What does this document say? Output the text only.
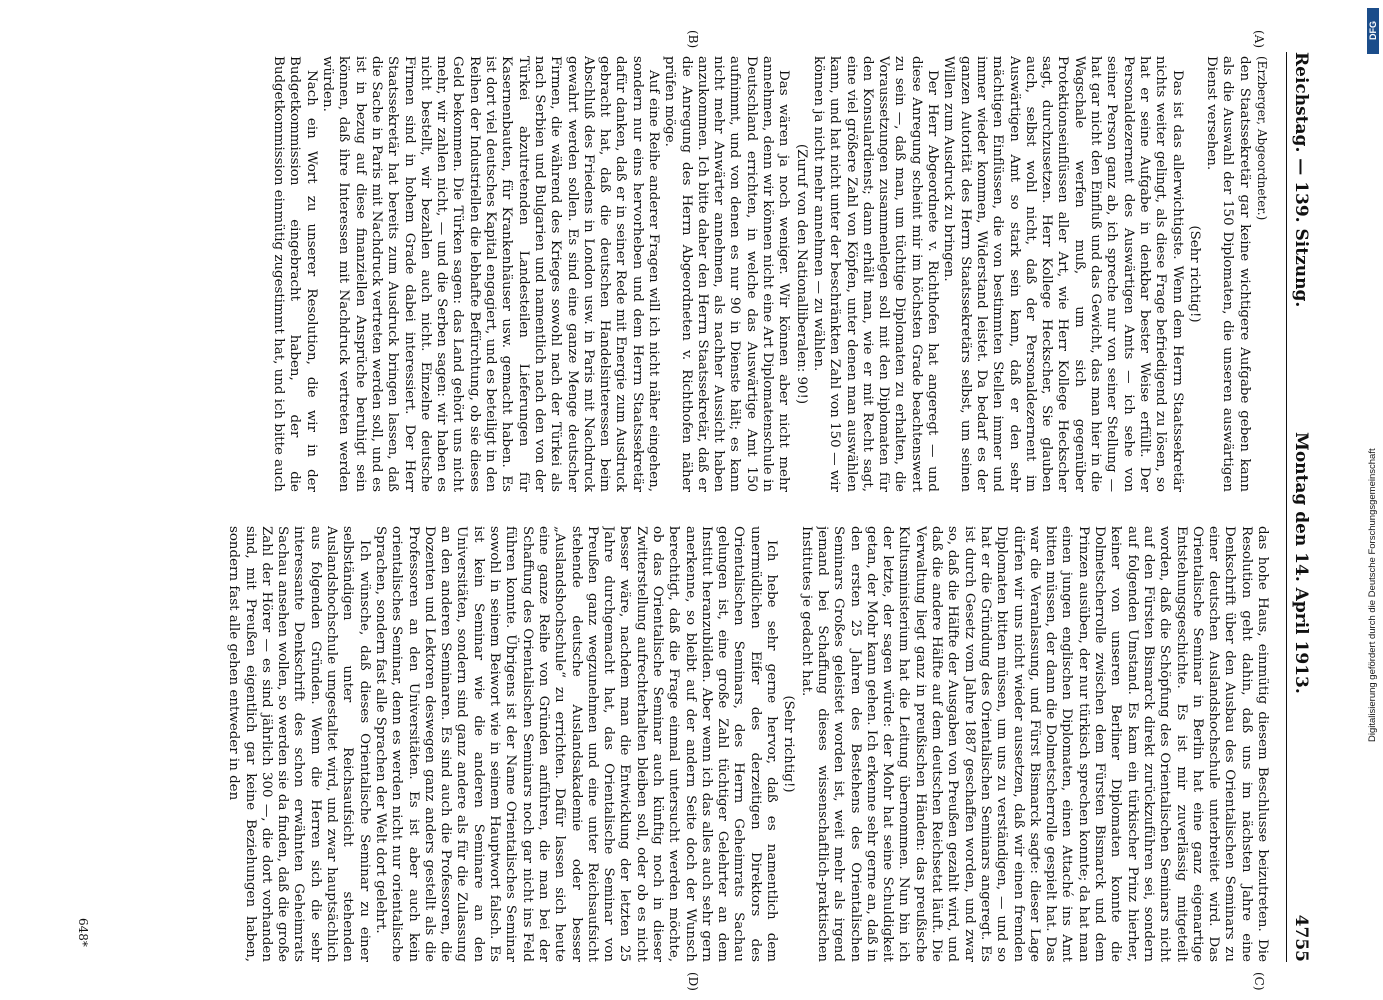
Reichstag. — 139. Sitzung.
Montag den 14. April 1913.
4755
(A)
(B)
(C)
(D)
(Erzberger, Abgeordneter.)

den Staatssekretär gar keine wichtigere Aufgabe geben kann als die Auswahl der 150 Diplomaten, die unseren auswärtigen Dienst versehen.

(Sehr richtig!)

Das ist das allerwichtigste. Wenn dem Herrn Staatssekretär nichts weiter gelingt, als diese Frage befriedigend zu lösen, so hat er seine Aufgabe in denkbar bester Weise erfüllt. Der Personaldezernent des Auswärtigen Amts — ich sehe von seiner Person ganz ab, ich spreche nur von seiner Stellung — hat gar nicht den Einfluß und das Gewicht, das man hier in die Wagschale werfen muß, um sich gegenüber Protektionseinflüssen aller Art, wie Herr Kollege Heckscher sagt, durchzusetzen. Herr Kollege Heckscher, Sie glauben auch, selbst wohl nicht, daß der Personaldezernent im Auswärtigen Amt so stark sein kann, daß er den sehr mächtigen Einflüssen, die von bestimmten Stellen immer und immer wieder kommen, Widerstand leistet. Da bedarf es der ganzen Autorität des Herrn Staatssekretärs selbst, um seinen Willen zum Ausdruck zu bringen.

Der Herr Abgeordnete v. Richthofen hat angeregt — und diese Anregung scheint mir im höchsten Grade beachtenswert zu sein —, daß man, um tüchtige Diplomaten zu erhalten, die Voraussetzungen zusammenlegen soll mit den Diplomaten für den Konsulardienst; dann erhält man, wie er mit Recht sagt, eine viel größere Zahl von Köpfen, unter denen man auswählen kann, und hat nicht unter der beschränkten Zahl von 150 — wir können ja nicht mehr annehmen — zu wählen.

(Zuruf von den Nationalliberalen: 90!)

Das wären ja noch weniger. Wir können aber nicht mehr annehmen, denn wir können nicht eine Art Diplomatenschule in Deutschland errichten, in welche das Auswärtige Amt 150 aufnimmt, und von denen es nur 90 in Dienste hält; es kann nicht mehr Anwärter annehmen, als nachher Aussicht haben anzukommen. Ich bitte daher den Herrn Staatssekretär, daß er die Anregung des Herrn Abgeordneten v. Richthofen näher prüfen möge.

Auf eine Reihe anderer Fragen will ich nicht näher eingehen, sondern nur eins hervorheben und dem Herrn Staatssekretär dafür danken, daß er in seiner Rede mit Energie zum Ausdruck gebracht hat, daß die deutschen Handelsinteressen beim Abschluß des Friedens in London usw. in Paris mit Nachdruck gewahrt werden sollen. Es sind eine ganze Menge deutscher Firmen, die während des Krieges sowohl nach der Türkei als nach Serbien und Bulgarien und namentlich nach den von der Türkei abzutretenden Landesteilen Lieferungen für Kasernenbauten, für Krankenhäuser usw. gemacht haben. Es ist dort viel deutsches Kapital engagiert, und es beteiligt in den Reihen der Industriellen die lebhafte Befürchtung, ob sie dieses Geld bekommen. Die Türken sagen: das Land gehört uns nicht mehr, wir zahlen nicht, — und die Serben sagen: wir haben es nicht bestellt, wir bezahlen auch nicht. Einzelne deutsche Firmen sind in hohem Grade dabei interessiert. Der Herr Staatssekretär hat bereits zum Ausdruck bringen lassen, daß die Sache in Paris mit Nachdruck vertreten werden soll, und es ist in bezug auf diese finanziellen Ansprüche beruhigt sein können, daß ihre Interessen mit Nachdruck vertreten werden würden.

Nach ein Wort zu unserer Resolution, die wir in der Budgetkommission eingebracht haben, der die Budgetkommission einmütig zugestimmt hat, und ich bitte auch

das hohe Haus, einmütig diesem Beschlusse beizutreten. Die Resolution geht dahin, daß uns im nächsten Jahre eine Denkschrift über den Ausbau des Orientalischen Seminars zu einer deutschen Auslandshochschule unterbreitet wird. Das Orientalische Seminar in Berlin hat eine ganz eigenartige Entstehungsgeschichte. Es ist mir zuverlässig mitgeteilt worden, daß die Schöpfung des Orientalischen Seminars nicht auf den Fürsten Bismarck direkt zurückzuführen sei, sondern auf folgenden Umstand. Es kam ein türkischer Prinz hierher, keiner von unseren Berliner Diplomaten konnte die Dolmetscherrolle zwischen dem Fürsten Bismarck und dem Prinzen ausüben, der nur türkisch sprechen konnte; da hat man einen jungen englischen Diplomaten, einen Attaché ins Amt bitten müssen, der dann die Dolmetscherrolle gespielt hat. Das war die Veranlassung, und Fürst Bismarck sagte: dieser Lage dürfen wir uns nicht wieder aussetzen, daß wir einen fremden Diplomaten bitten müssen, um uns zu verständigen, — und so hat er die Gründung des Orientalischen Seminars angeregt. Es ist durch Gesetz vom Jahre 1887 geschaffen worden, und zwar so, daß die Hälfte der Ausgaben von Preußen gezahlt wird, und daß die andere Hälfte auf dem deutschen Reichsetat läuft. Die Verwaltung liegt ganz in preußischen Händen: das preußische Kultusministerium hat die Leitung übernommen. Nun bin ich der letzte, der sagen würde: der Mohr hat seine Schuldigkeit getan, der Mohr kann gehen. Ich erkenne sehr gerne an, daß in den ersten 25 Jahren des Bestehens des Orientalischen Seminars Großes geleistet worden ist, weit mehr als irgend jemand bei Schaffung dieses wissenschaftlich-praktischen Institutes je gedacht hat.

(Sehr richtig!)

Ich hebe sehr gerne hervor, daß es namentlich dem unermüdlichen Eifer des derzeitigen Direktors des Orientalischen Seminars, des Herrn Geheimrats Sachau gelungen ist, eine große Zahl tüchtiger Gelehrter an dem Institut heranzubilden. Aber wenn ich das alles auch sehr gern anerkenne, so bleibt auf der andern Seite doch der Wunsch berechtigt, daß die Frage einmal untersucht werden möchte, ob das Orientalische Seminar auch künftig noch in dieser Zwitterstellung aufrechterhalten bleiben soll, oder ob es nicht besser wäre, nachdem man die Entwicklung der letzten 25 Jahre durchgemacht hat, das Orientalische Seminar von Preußen ganz wegzunehmen und eine unter Reichsaufsicht stehende deutsche Auslandsakademie oder besser „Auslandshochschule“ zu errichten. Dafür lassen sich heute eine ganze Reihe von Gründen anführen, die man bei der Schaffung des Orientalischen Seminars noch gar nicht ins Feld führen konnte. Übrigens ist der Name Orientalisches Seminar sowohl in seinem Beiwort wie in seinem Hauptwort falsch. Es ist kein Seminar wie die anderen Seminare an den Universitäten, sondern sind ganz andere als für die Zulassung an den anderen Seminaren. Es sind auch die Professoren, die Dozenten und Lektoren deswegen ganz anders gestellt als die Professoren an den Universitäten. Es ist aber auch kein orientalisches Seminar, denn es werden nicht nur orientalische Sprachen, sondern fast alle Sprachen der Welt dort gelehrt.

Ich wünsche, daß dieses Orientalische Seminar zu einer selbständigen unter Reichsaufsicht stehenden Auslandshochschule umgestaltet wird, und zwar hauptsächlich aus folgenden Gründen. Wenn die Herren sich die sehr interessante Denkschrift des schon erwähnten Geheimrats Sachau ansehen wollen, so werden sie da finden, daß die große Zahl der Hörer — es sind jährlich 300 —, die dort vorhanden sind, mit Preußen eigentlich gar keine Beziehungen haben, sondern fast alle gehen entweder in den

648*
DFG
Digitalisierung gefördert durch die Deutsche Forschungsgemeinschaft
